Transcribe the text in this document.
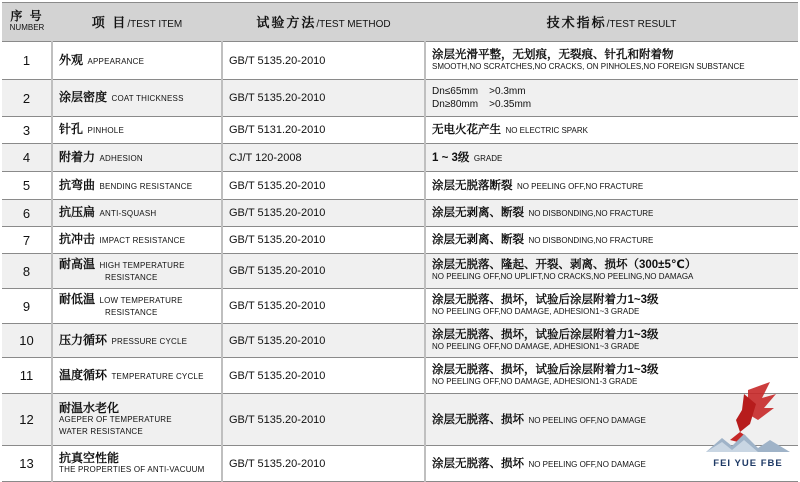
序 号
NUMBER	项 目/TEST ITEM	试验方法/TEST METHOD	技术指标/TEST RESULT
1	外观 APPEARANCE	GB/T 5135.20-2010	涂层光滑平整，无划痕，无裂痕、针孔和附着物
SMOOTH,NO SCRATCHES,NO CRACKS, ON PINHOLES,NO FOREIGN SUBSTANCE

2	涂层密度 COAT THICKNESS	GB/T 5135.20-2010	Dn≤65mm    >0.3mm
Dn≥80mm    >0.35mm

3	针孔 PINHOLE	GB/T 5131.20-2010	无电火花产生 NO ELECTRIC SPARK
4	附着力 ADHESION	CJ/T 120-2008	1 ~ 3级 GRADE
5	抗弯曲 BENDING RESISTANCE	GB/T 5135.20-2010	涂层无脱落断裂 NO PEELING OFF,NO FRACTURE
6	抗压扁 ANTI-SQUASH	GB/T 5135.20-2010	涂层无剥离、断裂 NO DISBONDING,NO FRACTURE
7	抗冲击 IMPACT RESISTANCE	GB/T 5135.20-2010	涂层无剥离、断裂 NO DISBONDING,NO FRACTURE
8	耐高温 HIGH TEMPERATURE
RESISTANCE	GB/T 5135.20-2010	涂层无脱落、隆起、开裂、剥离、损坏（300±5℃）
NO PEELING OFF,NO UPLIFT,NO CRACKS,NO PEELING,NO DAMAGA

9	耐低温 LOW TEMPERATURE
RESISTANCE	GB/T 5135.20-2010	涂层无脱落、损坏，试验后涂层附着力1~3级
NO PEELING OFF,NO DAMAGE, ADHESION1~3 GRADE

10	压力循环 PRESSURE CYCLE	GB/T 5135.20-2010	涂层无脱落、损坏，试验后涂层附着力1~3级
NO PEELING OFF,NO DAMAGE, ADHESION1~3 GRADE

11	温度循环 TEMPERATURE CYCLE	GB/T 5135.20-2010	涂层无脱落、损坏，试验后涂层附着力1~3级
NO PEELING OFF,NO DAMAGE, ADHESION1-3 GRADE

12	耐温水老化
AGEPER OF TEMPERATURE
WATER RESISTANCE	GB/T 5135.20-2010	涂层无脱落、损坏 NO PEELING OFF,NO DAMAGE
13	抗真空性能
THE PROPERTIES OF ANTI-VACUUM	GB/T 5135.20-2010	涂层无脱落、损坏 NO PEELING OFF,NO DAMAGE	FEI YUE FBE
